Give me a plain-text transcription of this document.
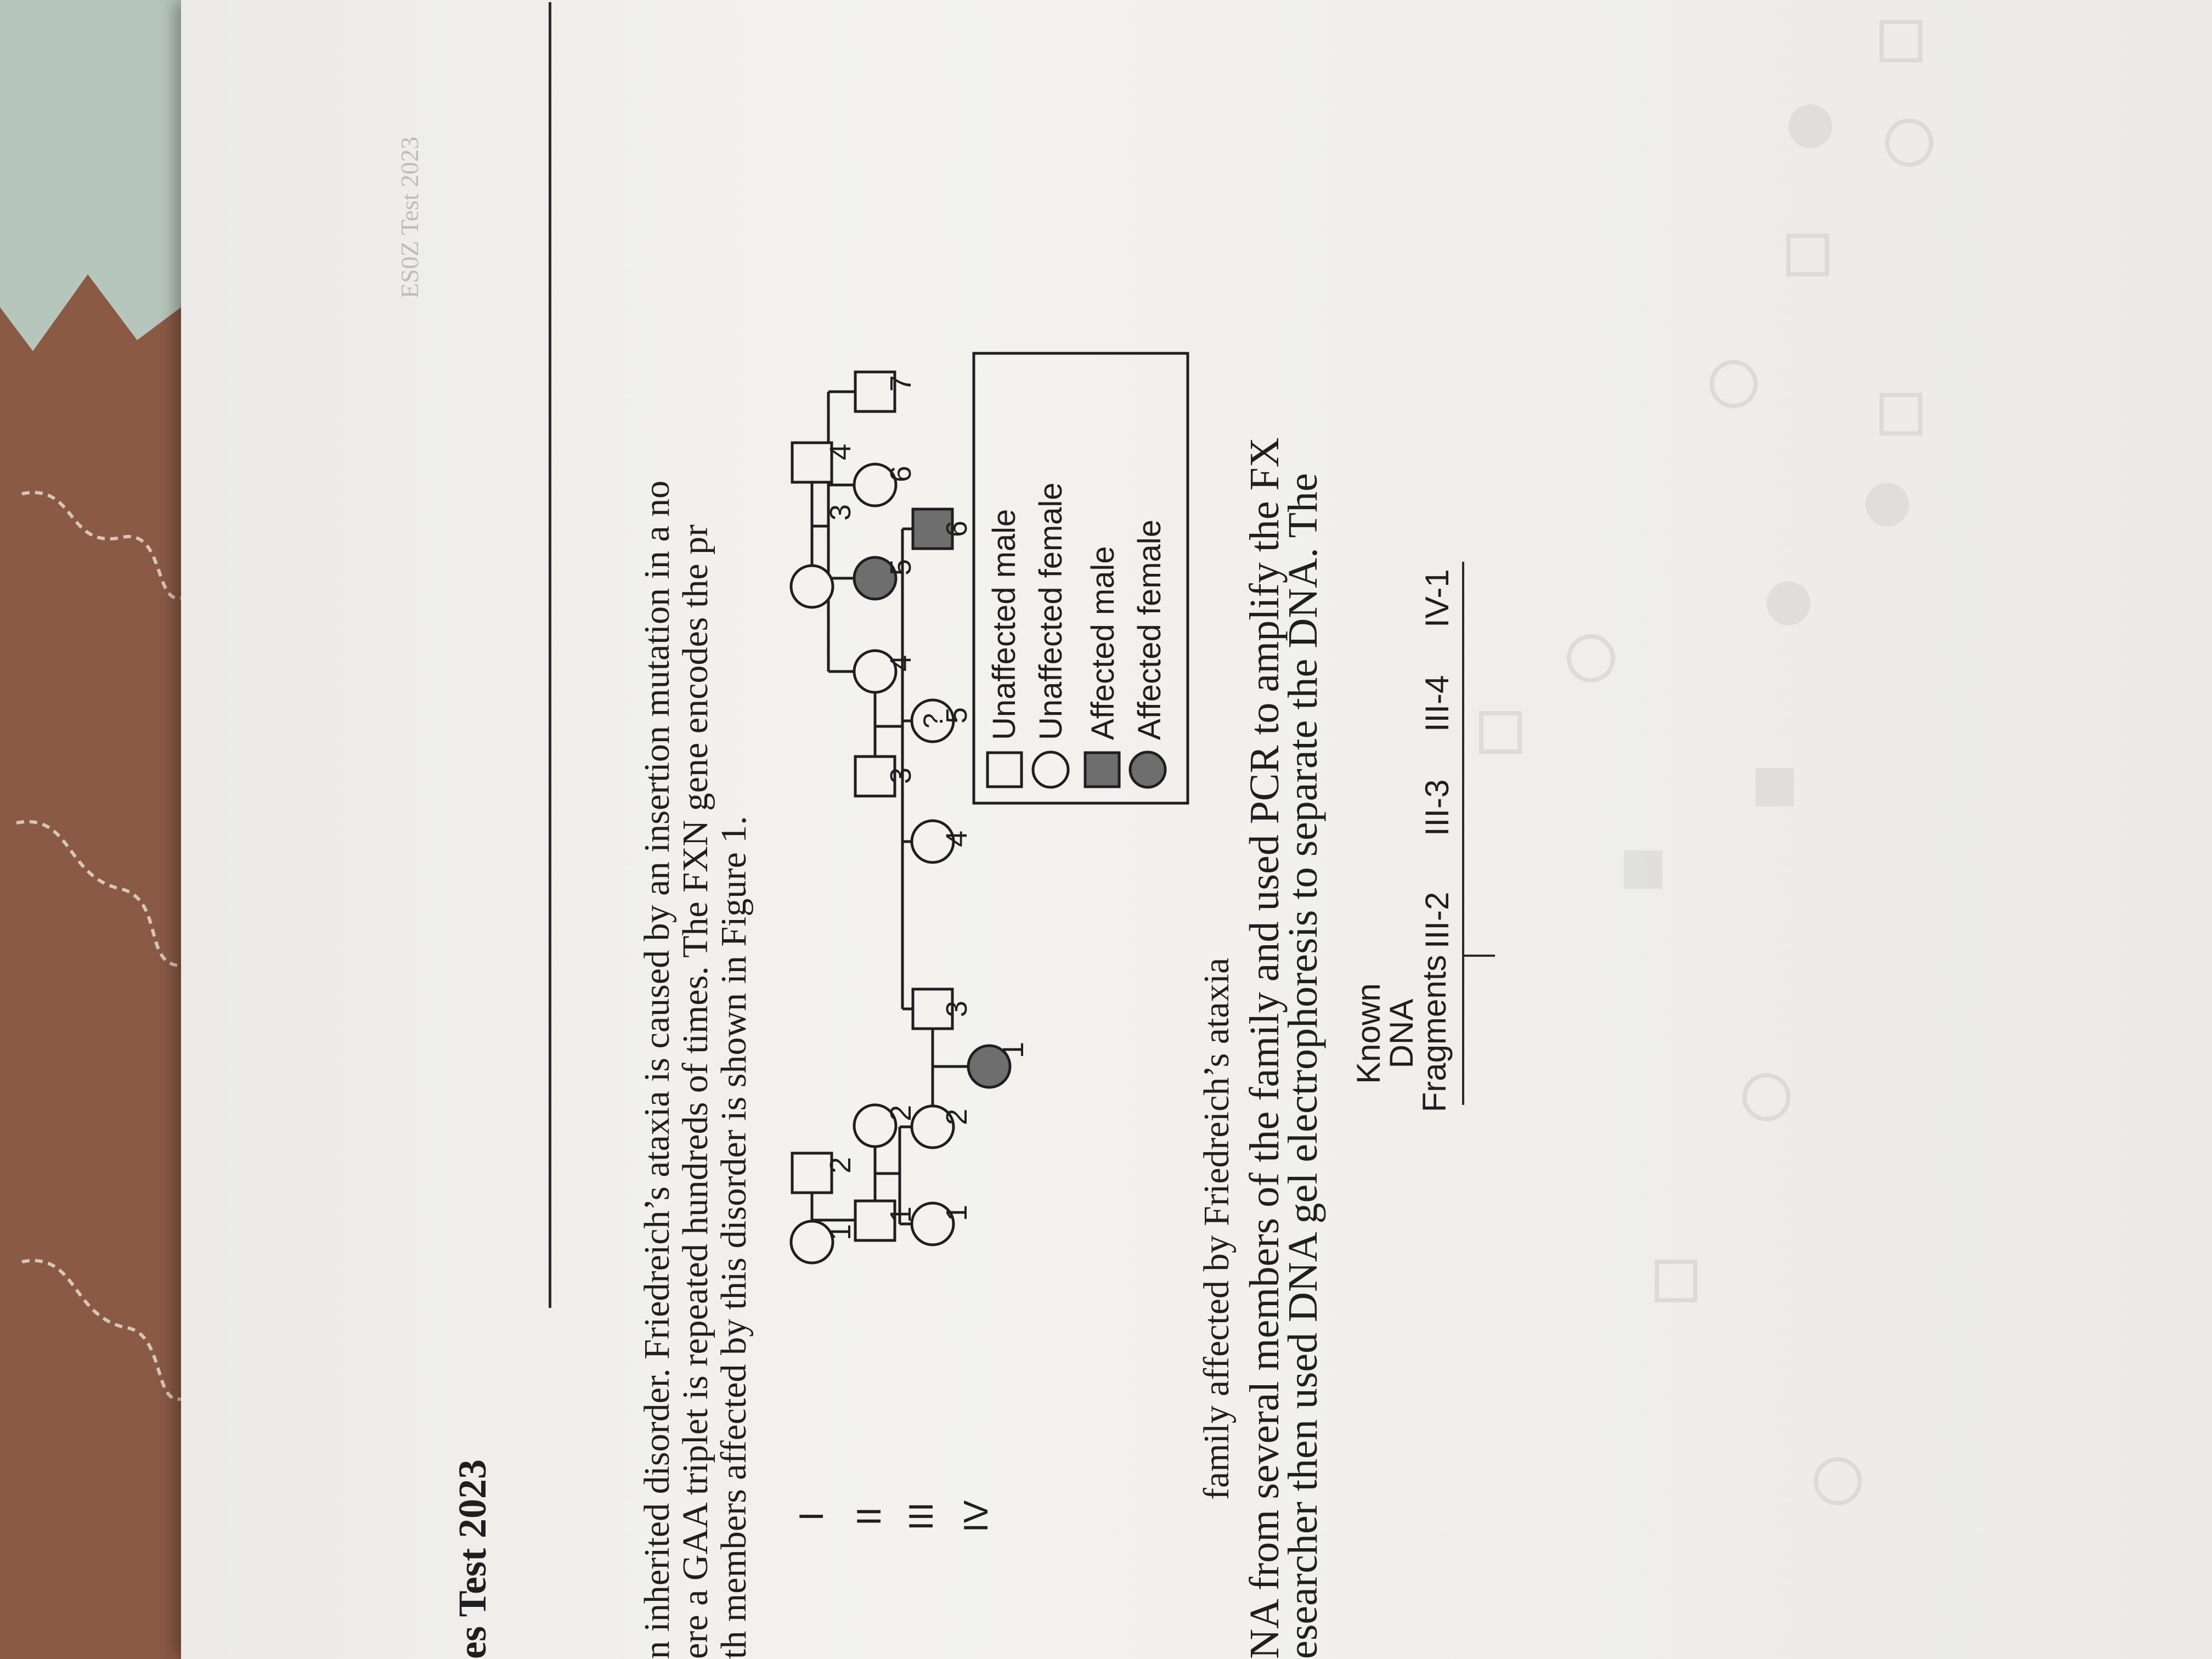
es Test 2023
ES0Z Test 2023
n inherited disorder. Friedreich’s ataxia is caused by an insertion mutation in a no
ere a GAA triplet is repeated hundreds of times. The FXN gene encodes the pr
th members affected by this disorder is shown in Figure 1. I II III IV
?
1
2
3
4
1
2
3
4
5
6
7
1
2
3
4
5
6
1
Unaffected male Unaffected female Affected male Affected female
family affected by Friedreich’s ataxia NA from several members of the family and used PCR to amplify the FX
esearcher then used DNA gel electrophoresis to separate the DNA. The Known
DNA
Fragments
III-2
III-3
III-4
IV-1
